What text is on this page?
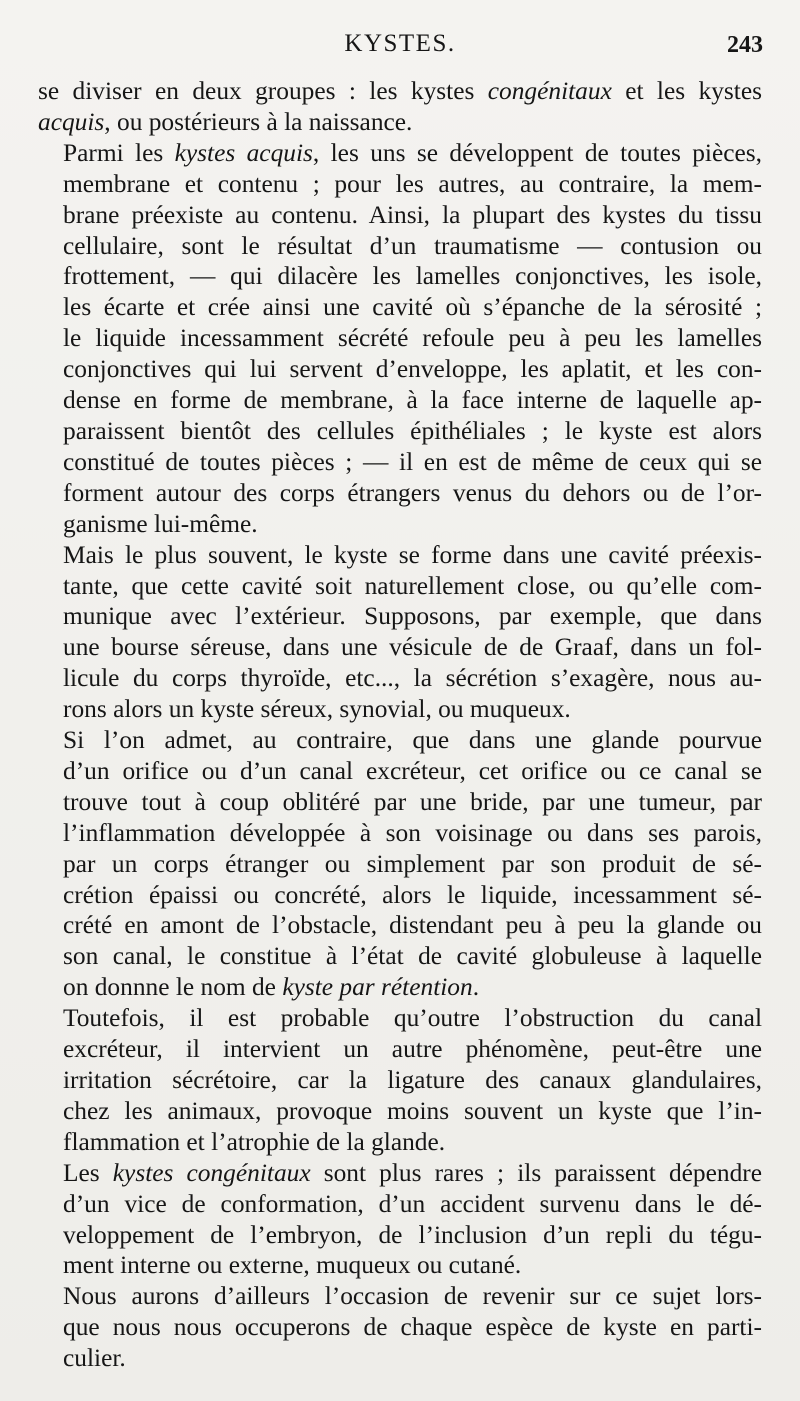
KYSTES.	243

se diviser en deux groupes : les kystes congénitaux et les kystes
acquis, ou postérieurs à la naissance.

Parmi les kystes acquis, les uns se développent de toutes pièces,
membrane et contenu ; pour les autres, au contraire, la mem-
brane préexiste au contenu. Ainsi, la plupart des kystes du tissu
cellulaire, sont le résultat d’un traumatisme — contusion ou
frottement, — qui dilacère les lamelles conjonctives, les isole,
les écarte et crée ainsi une cavité où s’épanche de la sérosité ;
le liquide incessamment sécrété refoule peu à peu les lamelles
conjonctives qui lui servent d’enveloppe, les aplatit, et les con-
dense en forme de membrane, à la face interne de laquelle ap-
paraissent bientôt des cellules épithéliales ; le kyste est alors
constitué de toutes pièces ; — il en est de même de ceux qui se
forment autour des corps étrangers venus du dehors ou de l’or-
ganisme lui-même.

Mais le plus souvent, le kyste se forme dans une cavité préexis-
tante, que cette cavité soit naturellement close, ou qu’elle com-
munique avec l’extérieur. Supposons, par exemple, que dans
une bourse séreuse, dans une vésicule de de Graaf, dans un fol-
licule du corps thyroïde, etc..., la sécrétion s’exagère, nous au-
rons alors un kyste séreux, synovial, ou muqueux.

Si l’on admet, au contraire, que dans une glande pourvue
d’un orifice ou d’un canal excréteur, cet orifice ou ce canal se
trouve tout à coup oblitéré par une bride, par une tumeur, par
l’inflammation développée à son voisinage ou dans ses parois,
par un corps étranger ou simplement par son produit de sé-
crétion épaissi ou concrété, alors le liquide, incessamment sé-
crété en amont de l’obstacle, distendant peu à peu la glande ou
son canal, le constitue à l’état de cavité globuleuse à laquelle
on donnne le nom de kyste par rétention.

Toutefois, il est probable qu’outre l’obstruction du canal
excréteur, il intervient un autre phénomène, peut-être une
irritation sécrétoire, car la ligature des canaux glandulaires,
chez les animaux, provoque moins souvent un kyste que l’in-
flammation et l’atrophie de la glande.

Les kystes congénitaux sont plus rares ; ils paraissent dépendre
d’un vice de conformation, d’un accident survenu dans le dé-
veloppement de l’embryon, de l’inclusion d’un repli du tégu-
ment interne ou externe, muqueux ou cutané.

Nous aurons d’ailleurs l’occasion de revenir sur ce sujet lors-
que nous nous occuperons de chaque espèce de kyste en parti-
culier.
